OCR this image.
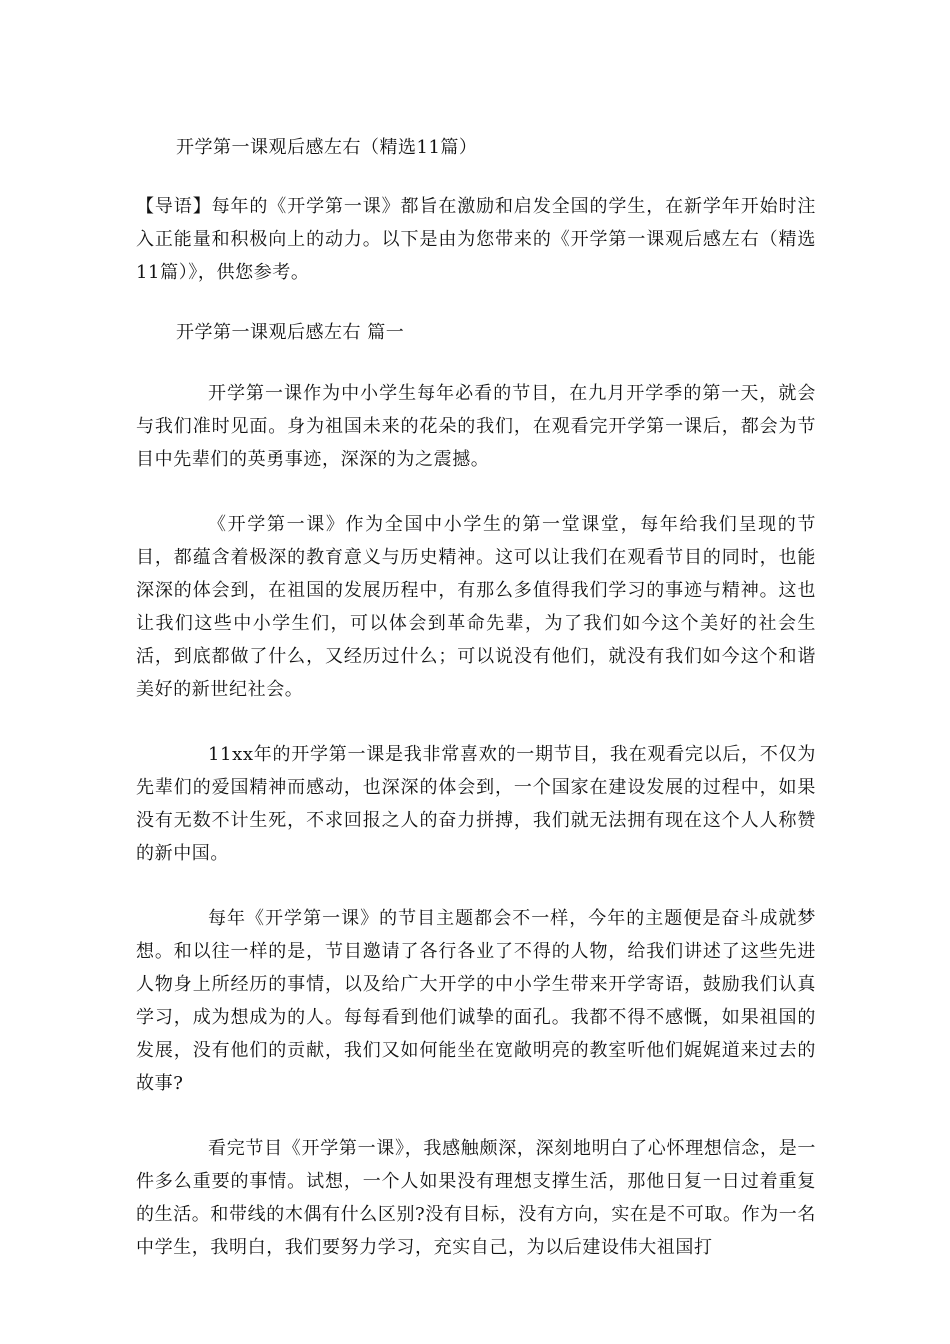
开学第一课观后感左右（精选11篇）
【导语】每年的《开学第一课》都旨在激励和启发全国的学生，在新学年开始时注入正能量和积极向上的动力。以下是由为您带来的《开学第一课观后感左右（精选11篇）》，供您参考。
开学第一课观后感左右 篇一
开学第一课作为中小学生每年必看的节目，在九月开学季的第一天，就会与我们准时见面。身为祖国未来的花朵的我们，在观看完开学第一课后，都会为节目中先辈们的英勇事迹，深深的为之震撼。
《开学第一课》作为全国中小学生的第一堂课堂，每年给我们呈现的节目，都蕴含着极深的教育意义与历史精神。这可以让我们在观看节目的同时，也能深深的体会到，在祖国的发展历程中，有那么多值得我们学习的事迹与精神。这也让我们这些中小学生们，可以体会到革命先辈，为了我们如今这个美好的社会生活，到底都做了什么，又经历过什么；可以说没有他们，就没有我们如今这个和谐美好的新世纪社会。
11xx年的开学第一课是我非常喜欢的一期节目，我在观看完以后，不仅为先辈们的爱国精神而感动，也深深的体会到，一个国家在建设发展的过程中，如果没有无数不计生死，不求回报之人的奋力拼搏，我们就无法拥有现在这个人人称赞的新中国。
每年《开学第一课》的节目主题都会不一样，今年的主题便是奋斗成就梦想。和以往一样的是，节目邀请了各行各业了不得的人物，给我们讲述了这些先进人物身上所经历的事情，以及给广大开学的中小学生带来开学寄语，鼓励我们认真学习，成为想成为的人。每每看到他们诚挚的面孔。我都不得不感慨，如果祖国的发展，没有他们的贡献，我们又如何能坐在宽敞明亮的教室听他们娓娓道来过去的故事?
看完节目《开学第一课》，我感触颇深，深刻地明白了心怀理想信念，是一件多么重要的事情。试想，一个人如果没有理想支撑生活，那他日复一日过着重复的生活。和带线的木偶有什么区别?没有目标，没有方向，实在是不可取。作为一名中学生，我明白，我们要努力学习，充实自己，为以后建设伟大祖国打
